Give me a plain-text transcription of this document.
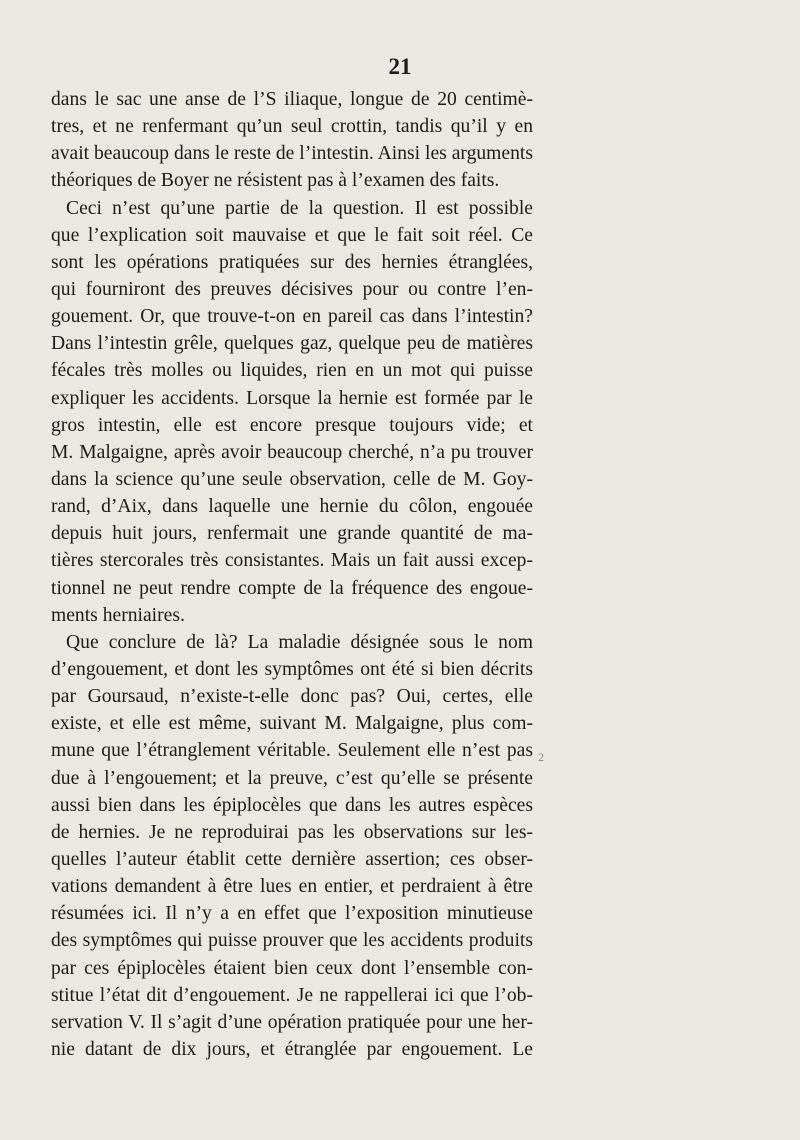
21
dans le sac une anse de l’S iliaque, longue de 20 centimè-
tres, et ne renfermant qu’un seul crottin, tandis qu’il y en
avait beaucoup dans le reste de l’intestin. Ainsi les arguments
théoriques de Boyer ne résistent pas à l’examen des faits.
Ceci n’est qu’une partie de la question. Il est possible
que l’explication soit mauvaise et que le fait soit réel. Ce
sont les opérations pratiquées sur des hernies étranglées,
qui fourniront des preuves décisives pour ou contre l’en-
gouement. Or, que trouve-t-on en pareil cas dans l’intestin?
Dans l’intestin grêle, quelques gaz, quelque peu de matières
fécales très molles ou liquides, rien en un mot qui puisse
expliquer les accidents. Lorsque la hernie est formée par le
gros intestin, elle est encore presque toujours vide; et
M. Malgaigne, après avoir beaucoup cherché, n’a pu trouver
dans la science qu’une seule observation, celle de M. Goy-
rand, d’Aix, dans laquelle une hernie du côlon, engouée
depuis huit jours, renfermait une grande quantité de ma-
tières stercorales très consistantes. Mais un fait aussi excep-
tionnel ne peut rendre compte de la fréquence des engoue-
ments herniaires.
Que conclure de là? La maladie désignée sous le nom
d’engouement, et dont les symptômes ont été si bien décrits
par Goursaud, n’existe-t-elle donc pas? Oui, certes, elle
existe, et elle est même, suivant M. Malgaigne, plus com-
mune que l’étranglement véritable. Seulement elle n’est pas
due à l’engouement; et la preuve, c’est qu’elle se présente
aussi bien dans les épiplocèles que dans les autres espèces
de hernies. Je ne reproduirai pas les observations sur les-
quelles l’auteur établit cette dernière assertion; ces obser-
vations demandent à être lues en entier, et perdraient à être
résumées ici. Il n’y a en effet que l’exposition minutieuse
des symptômes qui puisse prouver que les accidents produits
par ces épiplocèles étaient bien ceux dont l’ensemble con-
stitue l’état dit d’engouement. Je ne rappellerai ici que l’ob-
servation V. Il s’agit d’une opération pratiquée pour une her-
nie datant de dix jours, et étranglée par engouement. Le
2
